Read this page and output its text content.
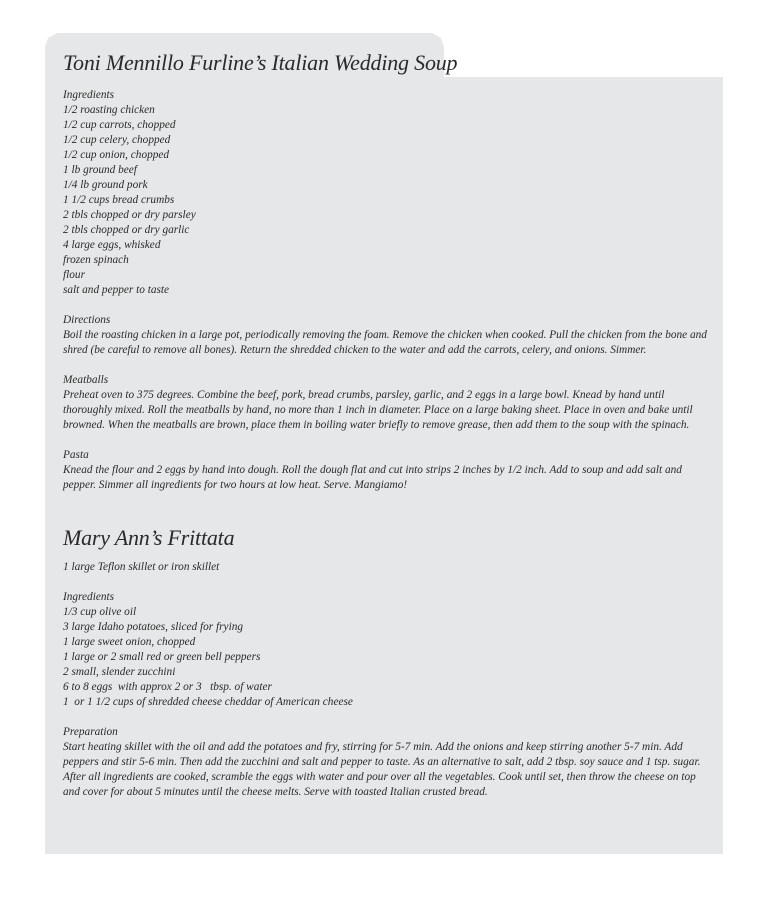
Toni Mennillo Furline’s Italian Wedding Soup
Ingredients
1/2 roasting chicken
1/2 cup carrots, chopped
1/2 cup celery, chopped
1/2 cup onion, chopped
1 lb ground beef
1/4 lb ground pork
1 1/2 cups bread crumbs
2 tbls chopped or dry parsley
2 tbls chopped or dry garlic
4 large eggs, whisked
frozen spinach
flour
salt and pepper to taste
Directions
Boil the roasting chicken in a large pot, periodically removing the foam. Remove the chicken when cooked. Pull the chicken from the bone and shred (be careful to remove all bones). Return the shredded chicken to the water and add the carrots, celery, and onions. Simmer.
Meatballs
Preheat oven to 375 degrees. Combine the beef, pork, bread crumbs, parsley, garlic, and 2 eggs in a large bowl. Knead by hand until thoroughly mixed. Roll the meatballs by hand, no more than 1 inch in diameter. Place on a large baking sheet. Place in oven and bake until browned. When the meatballs are brown, place them in boiling water briefly to remove grease, then add them to the soup with the spinach.
Pasta
Knead the flour and 2 eggs by hand into dough. Roll the dough flat and cut into strips 2 inches by 1/2 inch. Add to soup and add salt and pepper. Simmer all ingredients for two hours at low heat. Serve. Mangiamo!
Mary Ann’s Frittata
1 large Teflon skillet or iron skillet
Ingredients
1/3 cup olive oil
3 large Idaho potatoes, sliced for frying
1 large sweet onion, chopped
1 large or 2 small red or green bell peppers
2 small, slender zucchini
6 to 8 eggs  with approx 2 or 3   tbsp. of water
1  or 1 1/2 cups of shredded cheese cheddar of American cheese
Preparation
Start heating skillet with the oil and add the potatoes and fry, stirring for 5-7 min. Add the onions and keep stirring another 5-7 min. Add peppers and stir 5-6 min. Then add the zucchini and salt and pepper to taste. As an alternative to salt, add 2 tbsp. soy sauce and 1 tsp. sugar. After all ingredients are cooked, scramble the eggs with water and pour over all the vegetables. Cook until set, then throw the cheese on top and cover for about 5 minutes until the cheese melts. Serve with toasted Italian crusted bread.
